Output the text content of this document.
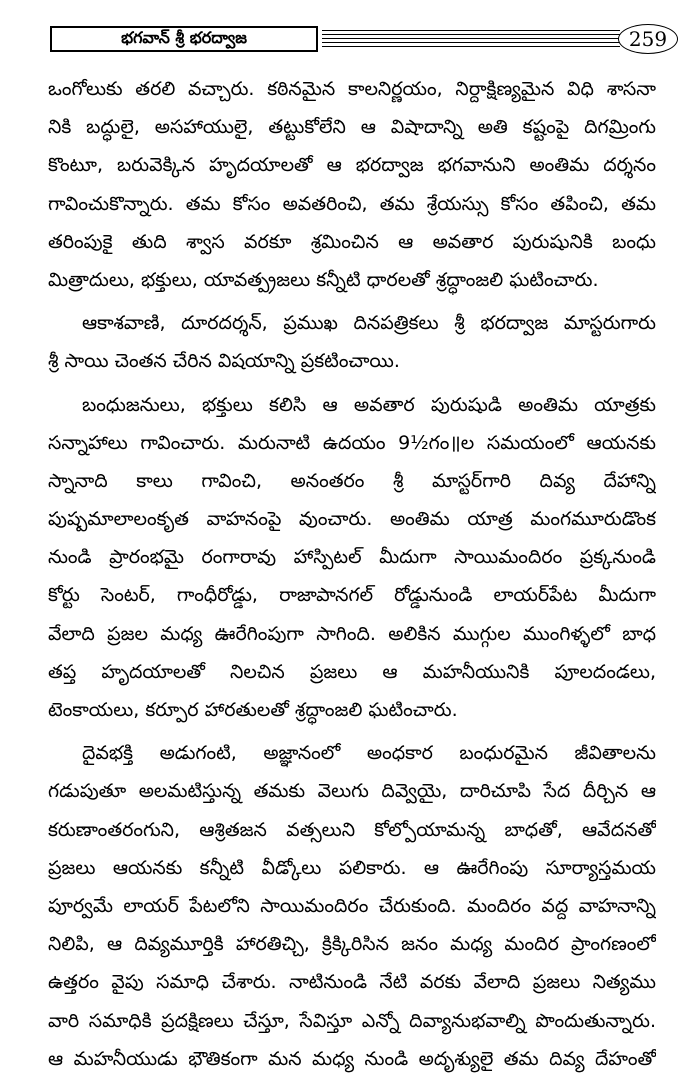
భగవాన్ శ్రీ భరద్వాజ	259
ఒంగోలుకు తరలి వచ్చారు. కఠినమైన కాలనిర్ణయం, నిర్దాక్షిణ్యమైన విధి శాసనా
నికి బద్ధులై, అసహాయులై, తట్టుకోలేని ఆ విషాదాన్ని అతి కష్టంపై దిగమ్రింగు
కొంటూ, బరువెక్కిన హృదయాలతో ఆ భరద్వాజ భగవానుని అంతిమ దర్శనం
గావించుకొన్నారు. తమ కోసం అవతరించి, తమ శ్రేయస్సు కోసం తపించి, తమ
తరింపుకై తుది శ్వాస వరకూ శ్రమించిన ఆ అవతార పురుషునికి బంధు
మిత్రాదులు, భక్తులు, యావత్ప్రజలు కన్నీటి ధారలతో శ్రద్ధాంజలి ఘటించారు.
ఆకాశవాణి, దూరదర్శన్, ప్రముఖ దినపత్రికలు శ్రీ భరద్వాజ మాస్టరుగారు
శ్రీ సాయి చెంతన చేరిన విషయాన్ని ప్రకటించాయి.
బంధుజనులు, భక్తులు కలిసి ఆ అవతార పురుషుడి అంతిమ యాత్రకు
సన్నాహాలు గావించారు. మరునాటి ఉదయం 9½గం॥ల సమయంలో ఆయనకు
స్నానాది కాలు గావించి, అనంతరం శ్రీ మాస్టర్‌గారి దివ్య దేహాన్ని
పుష్పమాలాలంకృత వాహనంపై వుంచారు. అంతిమ యాత్ర మంగమూరుడొంక
నుండి ప్రారంభమై రంగారావు హాస్పిటల్ మీదుగా సాయిమందిరం ప్రక్కనుండి
కోర్టు సెంటర్, గాంధీరోడ్డు, రాజాపానగల్ రోడ్డునుండి లాయర్‌పేట మీదుగా
వేలాది ప్రజల మధ్య ఊరేగింపుగా సాగింది. అలికిన ముగ్గుల ముంగిళ్ళలో బాధ
తప్త హృదయాలతో నిలచిన ప్రజలు ఆ మహనీయునికి పూలదండలు,
టెంకాయలు, కర్పూర హారతులతో శ్రద్ధాంజలి ఘటించారు.
దైవభక్తి అడుగంటి, అజ్ఞానంలో అంధకార బంధురమైన జీవితాలను
గడుపుతూ అలమటిస్తున్న తమకు వెలుగు దివ్వెయై, దారిచూపి సేద దీర్చిన ఆ
కరుణాంతరంగుని, ఆశ్రితజన వత్సలుని కోల్పోయామన్న బాధతో, ఆవేదనతో
ప్రజలు ఆయనకు కన్నీటి వీడ్కోలు పలికారు. ఆ ఊరేగింపు సూర్యాస్తమయ
పూర్వమే లాయర్ పేటలోని సాయిమందిరం చేరుకుంది. మందిరం వద్ద వాహనాన్ని
నిలిపి, ఆ దివ్యమూర్తికి హారతిచ్చి, క్రిక్కిరిసిన జనం మధ్య మందిర ప్రాంగణంలో
ఉత్తరం వైపు సమాధి చేశారు. నాటినుండి నేటి వరకు వేలాది ప్రజలు నిత్యము
వారి సమాధికి ప్రదక్షిణలు చేస్తూ, సేవిస్తూ ఎన్నో దివ్యానుభవాల్ని పొందుతున్నారు.
ఆ మహనీయుడు భౌతికంగా మన మధ్య నుండి అదృశ్యులై తమ దివ్య దేహంతో
